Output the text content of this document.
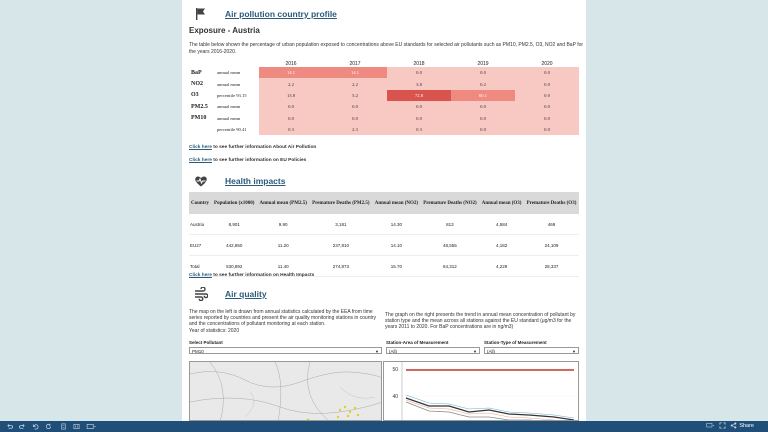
Air pollution country profile
Exposure - Austria
The table below shown the percentage of urban population exposed to concentrations above EU standards for selected air pollutants such as PM10, PM2.5, O3, NO2 and BaP for the years 2016-2020.
		2016	2017	2018	2019	2020
BaP	annual mean	14.1	14.1	0.0	0.0	0.0
NO2	annual mean	2.2	2.2	3.8	0.2	0.0
O3	percentile 93.15	13.8	5.2	72.8	60.1	0.0
PM2.5	annual mean	0.0	0.0	0.0	0.0	0.0
PM10	annual mean	0.0	0.0	0.0	0.0	0.0
	percentile 90.41	0.3	2.3	0.3	0.0	0.0
Click here to see further information About Air Pollution
Click here to see further information on EU Policies
Health impacts
Country	Population (x1000)	Annual mean (PM2.5)	Premature Deaths (PM2.5)	Annual mean (NO2)	Premature Deaths (NO2)	Annual mean (O3)	Premature Deaths (O3)
Austria	8,901	9.90	3,181	14.30	813	4,584	469
EU27	442,850	11.20	237,810	14.10	48,555	4,182	24,109
Total	530,892	11.40	274,873	15.70	64,312	4,229	28,337
Click here to see further information on Health Impacts
Air quality
The map on the left is drawn from annual statistics calculated by the EEA from time series reported by countries and present the air quality monitoring stations in country and the concentrations of pollutant monitoring at each station.
Year of statistics: 2020
The graph on the right presents the trend in annual mean concentration of pollutant by station type and the mean across all stations against the EU standard (μg/m3 for the years 2011 to 2020. For BaP concentrations are in ng/m3)
Select Pollutant
PM10	▼
Station-Area of Measurement
(All)	▼
Station-Type of Measurement
(All)	▼
50
40
Share
